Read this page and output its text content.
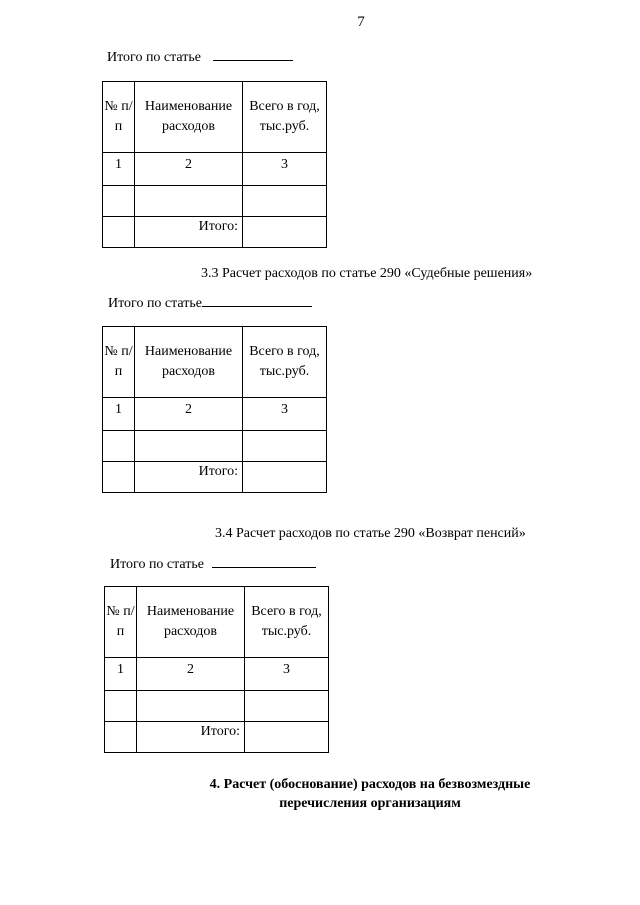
7
Итого по статье
№ п/п	Наименование расходов	Всего в год, тыс.руб.
1	2	3

	Итого:	
3.3 Расчет расходов по статье 290 «Судебные решения»
Итого по статье
№ п/п	Наименование расходов	Всего в год, тыс.руб.
1	2	3

	Итого:	
3.4 Расчет расходов по статье 290 «Возврат пенсий»
Итого по статье
№ п/п	Наименование расходов	Всего в год, тыс.руб.
1	2	3

	Итого:	
4. Расчет (обоснование) расходов на безвозмездные
перечисления организациям
